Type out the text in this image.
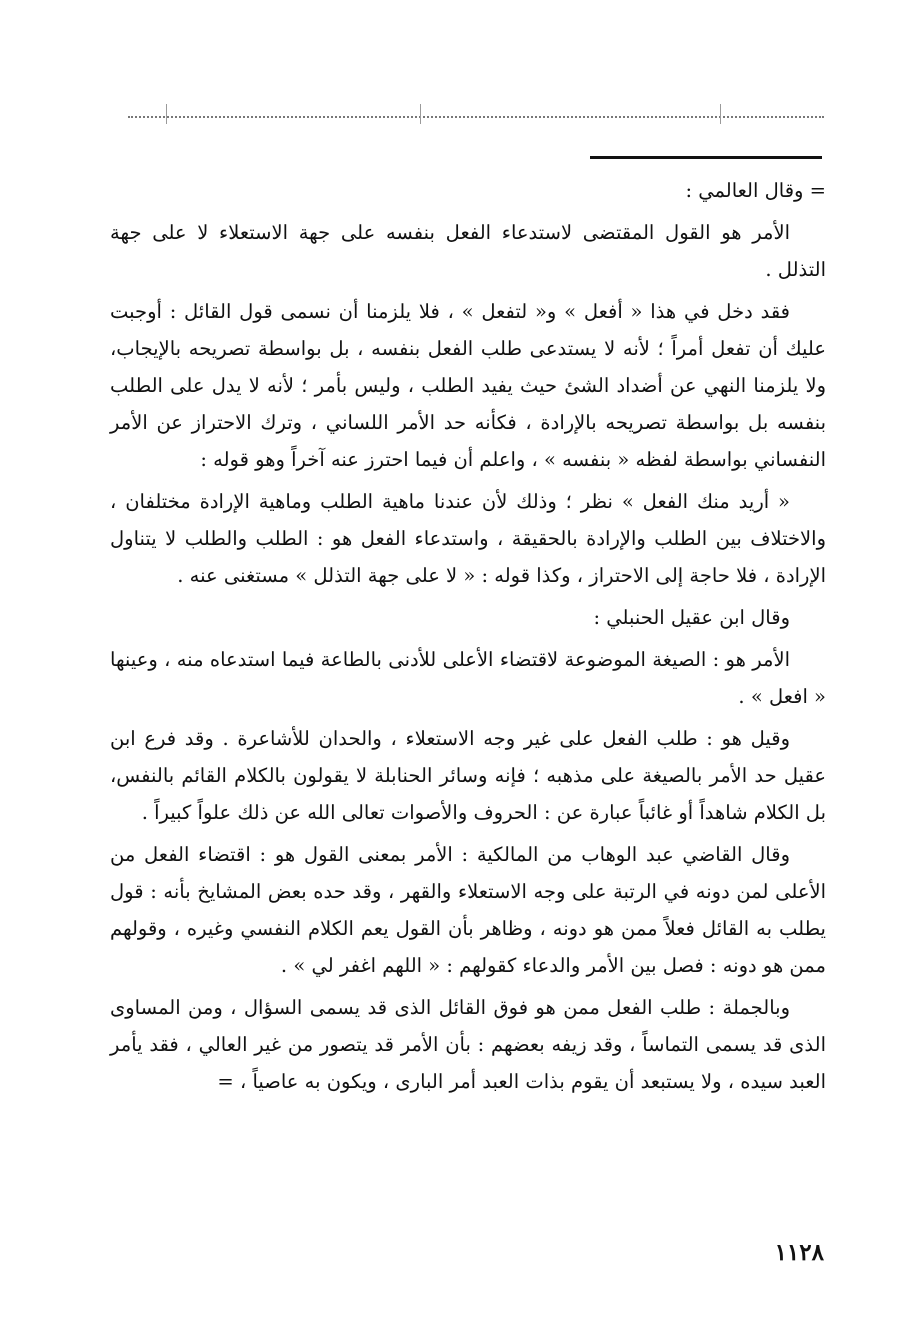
= وقال العالمي :

الأمر هو القول المقتضى لاستدعاء الفعل بنفسه على جهة الاستعلاء لا على جهة التذلل .

فقد دخل في هذا « أفعل » و« لتفعل » ، فلا يلزمنا أن نسمى قول القائل : أوجبت عليك أن تفعل أمراً ؛ لأنه لا يستدعى طلب الفعل بنفسه ، بل بواسطة تصريحه بالإيجاب، ولا يلزمنا النهي عن أضداد الشئ حيث يفيد الطلب ، وليس بأمر ؛ لأنه لا يدل على الطلب بنفسه بل بواسطة تصريحه بالإرادة ، فكأنه حد الأمر اللساني ، وترك الاحتراز عن الأمر النفساني بواسطة لفظه « بنفسه » ، واعلم أن فيما احترز عنه آخراً وهو قوله :

« أريد منك الفعل » نظر ؛ وذلك لأن عندنا ماهية الطلب وماهية الإرادة مختلفان ، والاختلاف بين الطلب والإرادة بالحقيقة ، واستدعاء الفعل هو : الطلب والطلب لا يتناول الإرادة ، فلا حاجة إلى الاحتراز ، وكذا قوله : « لا على جهة التذلل » مستغنى عنه .

وقال ابن عقيل الحنبلي :

الأمر هو : الصيغة الموضوعة لاقتضاء الأعلى للأدنى بالطاعة فيما استدعاه منه ، وعينها « افعل » .

وقيل هو : طلب الفعل على غير وجه الاستعلاء ، والحدان للأشاعرة . وقد فرع ابن عقيل حد الأمر بالصيغة على مذهبه ؛ فإنه وسائر الحنابلة لا يقولون بالكلام القائم بالنفس، بل الكلام شاهداً أو غائباً عبارة عن : الحروف والأصوات تعالى الله عن ذلك علواً كبيراً .

وقال القاضي عبد الوهاب من المالكية : الأمر بمعنى القول هو : اقتضاء الفعل من الأعلى لمن دونه في الرتبة على وجه الاستعلاء والقهر ، وقد حده بعض المشايخ بأنه : قول يطلب به القائل فعلاً ممن هو دونه ، وظاهر بأن القول يعم الكلام النفسي وغيره ، وقولهم ممن هو دونه : فصل بين الأمر والدعاء كقولهم : « اللهم اغفر لي » .

وبالجملة : طلب الفعل ممن هو فوق القائل الذى قد يسمى السؤال ، ومن المساوى الذى قد يسمى التماساً ، وقد زيفه بعضهم : بأن الأمر قد يتصور من غير العالي ، فقد يأمر العبد سيده ، ولا يستبعد أن يقوم بذات العبد أمر البارى ، ويكون به عاصياً ، =

١١٢٨
